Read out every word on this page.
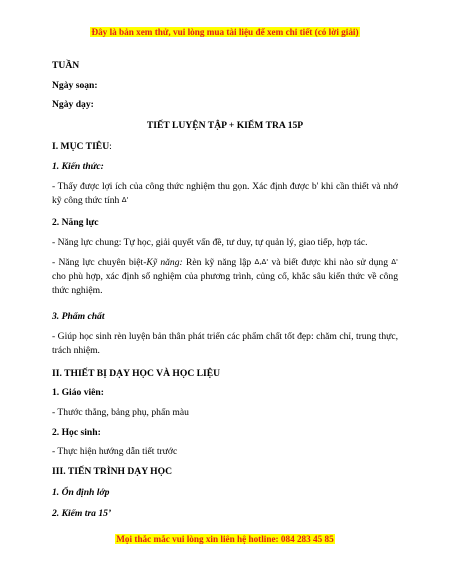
Đây là bản xem thử, vui lòng mua tài liệu để xem chi tiết (có lời giải)
TUẦN
Ngày soạn:
Ngày dạy:
TIẾT LUYỆN TẬP + KIỂM TRA 15P
I. MỤC TIÊU:
1. Kiến thức:
- Thấy được lợi ích của công thức nghiệm thu gọn. Xác định được b' khi cần thiết và nhớ kỹ công thức tính Δ'
2. Năng lực
- Năng lực chung: Tự học, giải quyết vấn đề, tư duy, tự quản lý, giao tiếp, hợp tác.
- Năng lực chuyên biệt-Kỹ năng: Rèn kỹ năng lập Δ,Δ' và biết được khi nào sử dụng Δ' cho phù hợp, xác định số nghiệm của phương trình, củng cố, khắc sâu kiến thức về công thức nghiệm.
3. Phẩm chất
- Giúp học sinh rèn luyện bản thân phát triển các phẩm chất tốt đẹp: chăm chỉ, trung thực, trách nhiệm.
II. THIẾT BỊ DẠY HỌC VÀ HỌC LIỆU
1. Giáo viên:
- Thước thẳng, bảng phụ, phấn màu
2. Học sinh:
- Thực hiện hướng dẫn tiết trước
III. TIẾN TRÌNH DẠY HỌC
1. Ổn định lớp
2. Kiểm tra 15’
Mọi thắc mắc vui lòng xin liên hệ hotline: 084 283 45 85
